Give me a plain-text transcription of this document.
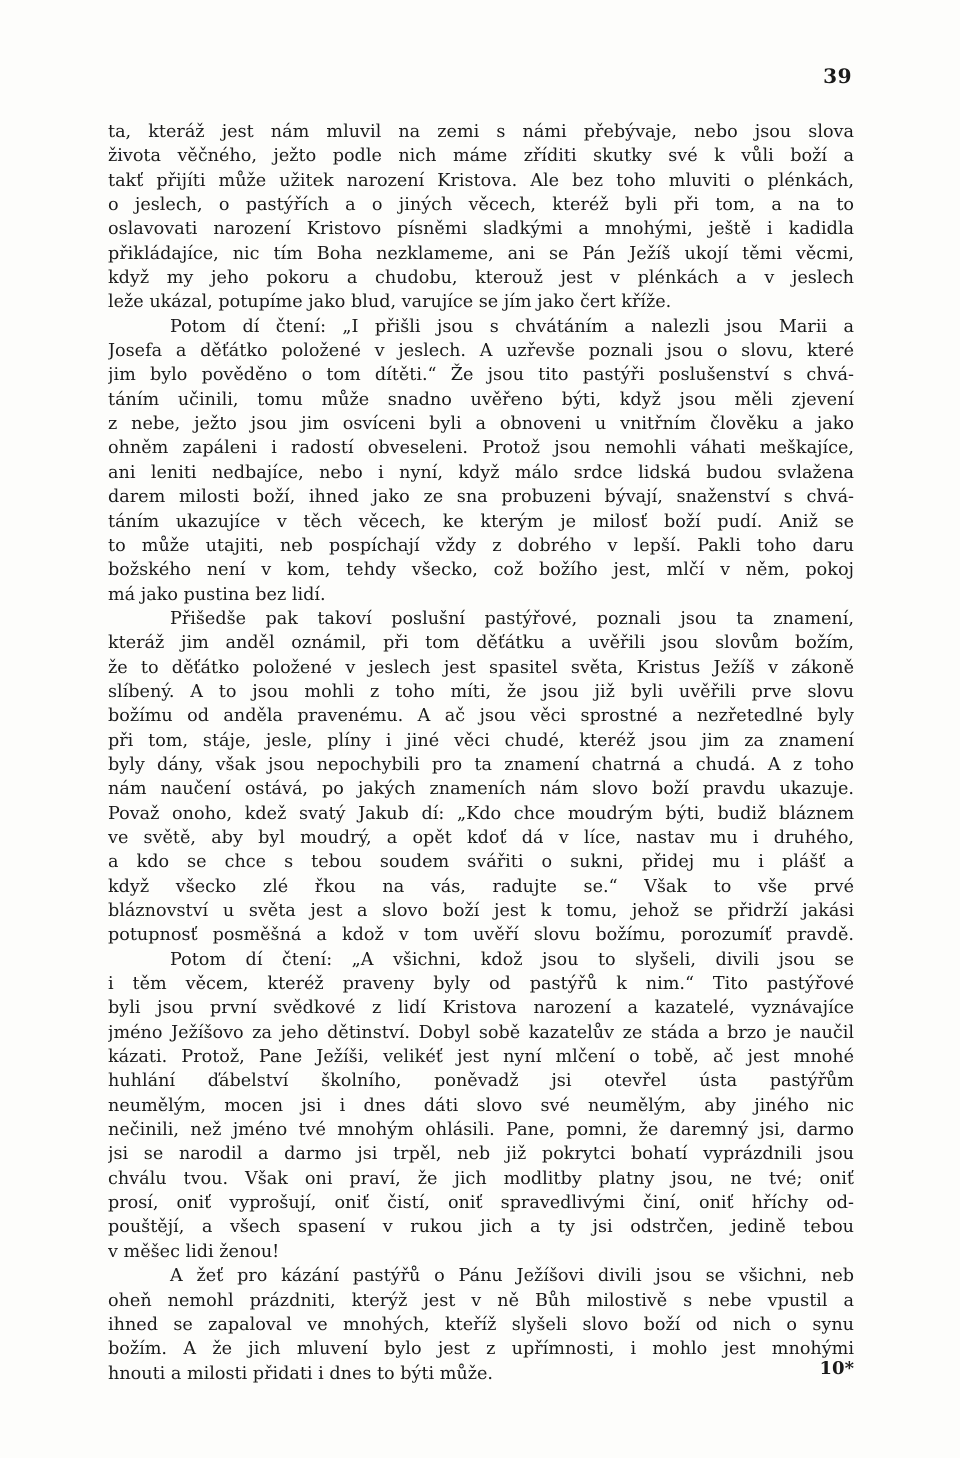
39
ta, kteráž jest nám mluvil na zemi s námi přebývaje, nebo jsou slova
života věčného, ježto podle nich máme zříditi skutky své k vůli boží a
takť přijíti může užitek narození Kristova. Ale bez toho mluviti o plénkách,
o jeslech, o pastýřích a o jiných věcech, kteréž byli při tom, a na to
oslavovati narození Kristovo písněmi sladkými a mnohými, ještě i kadidla
přikládajíce, nic tím Boha nezklameme, ani se Pán Ježíš ukojí těmi věcmi,
když my jeho pokoru a chudobu, kterouž jest v plénkách a v jeslech
leže ukázal, potupíme jako blud, varujíce se jím jako čert kříže.
Potom dí čtení: „I přišli jsou s chvátáním a nalezli jsou Marii a
Josefa a děťátko položené v jeslech. A uzřevše poznali jsou o slovu, které
jim bylo pověděno o tom dítěti.“ Že jsou tito pastýři poslušenství s chvá-
táním učinili, tomu může snadno uvěřeno býti, když jsou měli zjevení
z nebe, ježto jsou jim osvíceni byli a obnoveni u vnitřním člověku a jako
ohněm zapáleni i radostí obveseleni. Protož jsou nemohli váhati meškajíce,
ani leniti nedbajíce, nebo i nyní, když málo srdce lidská budou svlažena
darem milosti boží, ihned jako ze sna probuzeni bývají, snaženství s chvá-
táním ukazujíce v těch věcech, ke kterým je milosť boží pudí. Aniž se
to může utajiti, neb pospíchají vždy z dobrého v lepší. Pakli toho daru
božského není v kom, tehdy všecko, což božího jest, mlčí v něm, pokoj
má jako pustina bez lidí.
Přišedše pak takoví poslušní pastýřové, poznali jsou ta znamení,
kteráž jim anděl oznámil, při tom děťátku a uvěřili jsou slovům božím,
že to děťátko položené v jeslech jest spasitel světa, Kristus Ježíš v zákoně
slíbený. A to jsou mohli z toho míti, že jsou již byli uvěřili prve slovu
božímu od anděla pravenému. A ač jsou věci sprostné a nezřetedlné byly
při tom, stáje, jesle, plíny i jiné věci chudé, kteréž jsou jim za znamení
byly dány, však jsou nepochybili pro ta znamení chatrná a chudá. A z toho
nám naučení ostává, po jakých znameních nám slovo boží pravdu ukazuje.
Považ onoho, kdež svatý Jakub dí: „Kdo chce moudrým býti, budiž bláznem
ve světě, aby byl moudrý, a opět kdoť dá v líce, nastav mu i druhého,
a kdo se chce s tebou soudem svářiti o sukni, přidej mu i plášť a
když všecko zlé řkou na vás, radujte se.“ Však to vše prvé
bláznovství u světa jest a slovo boží jest k tomu, jehož se přidrží jakási
potupnosť posměšná a kdož v tom uvěří slovu božímu, porozumíť pravdě.
Potom dí čtení: „A všichni, kdož jsou to slyšeli, divili jsou se
i těm věcem, kteréž praveny byly od pastýřů k nim.“ Tito pastýřové
byli jsou první svědkové z lidí Kristova narození a kazatelé, vyznávajíce
jméno Ježíšovo za jeho dětinství. Dobyl sobě kazatelův ze stáda a brzo je naučil
kázati. Protož, Pane Ježíši, velikéť jest nyní mlčení o tobě, ač jest mnohé
huhlání ďábelství školního, poněvadž jsi otevřel ústa pastýřům
neumělým, mocen jsi i dnes dáti slovo své neumělým, aby jiného nic
nečinili, než jméno tvé mnohým ohlásili. Pane, pomni, že daremný jsi, darmo
jsi se narodil a darmo jsi trpěl, neb již pokrytci bohatí vyprázdnili jsou
chválu tvou. Však oni praví, že jich modlitby platny jsou, ne tvé; oniť
prosí, oniť vyprošují, oniť čistí, oniť spravedlivými činí, oniť hříchy od-
pouštějí, a všech spasení v rukou jich a ty jsi odstrčen, jedině tebou
v měšec lidi ženou!
A žeť pro kázání pastýřů o Pánu Ježíšovi divili jsou se všichni, neb
oheň nemohl prázdniti, kterýž jest v ně Bůh milostivě s nebe vpustil a
ihned se zapaloval ve mnohých, kteříž slyšeli slovo boží od nich o synu
božím. A že jich mluvení bylo jest z upřímnosti, i mohlo jest mnohými
hnouti a milosti přidati i dnes to býti může.	10*
